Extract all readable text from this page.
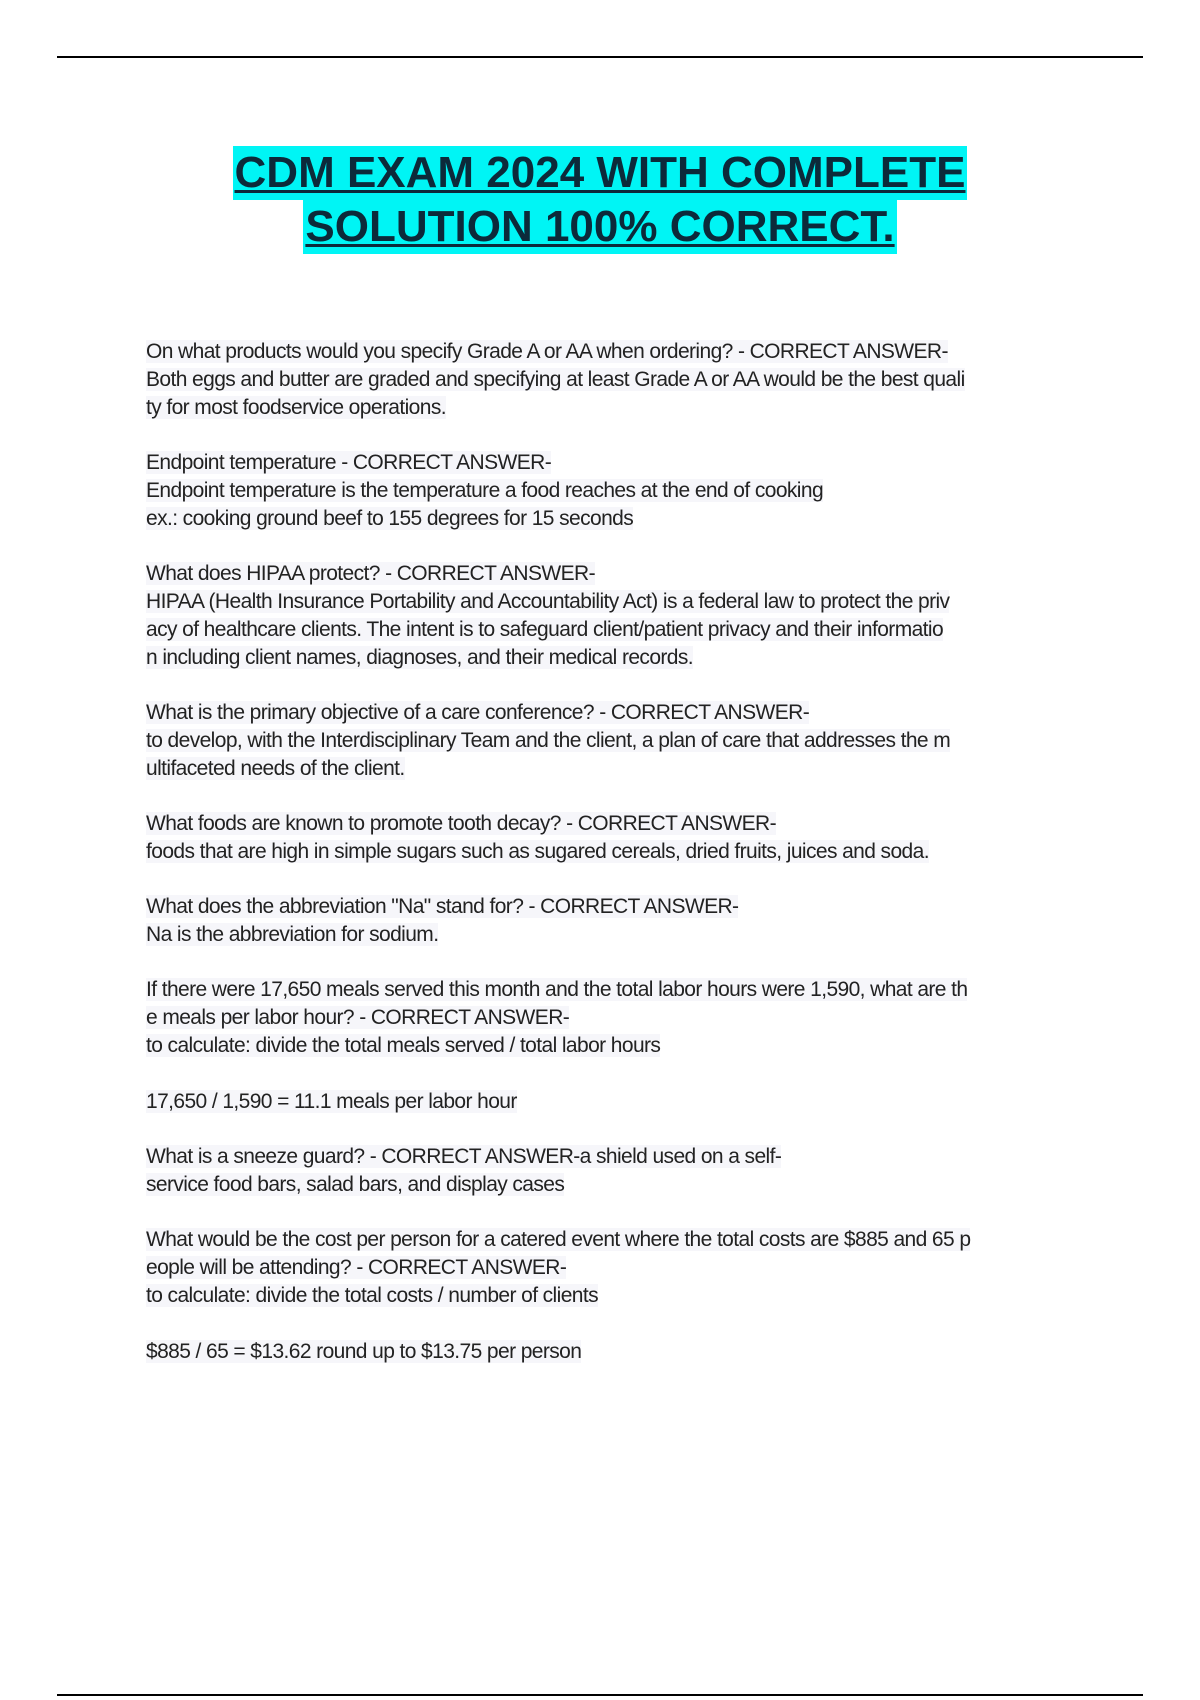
CDM EXAM 2024 WITH COMPLETE
SOLUTION 100% CORRECT.

On what products would you specify Grade A or AA when ordering? - CORRECT ANSWER-

Both eggs and butter are graded and specifying at least Grade A or AA would be the best quali

ty for most foodservice operations.

Endpoint temperature - CORRECT ANSWER-

Endpoint temperature is the temperature a food reaches at the end of cooking

ex.: cooking ground beef to 155 degrees for 15 seconds

What does HIPAA protect? - CORRECT ANSWER-

HIPAA (Health Insurance Portability and Accountability Act) is a federal law to protect the priv

acy of healthcare clients. The intent is to safeguard client/patient privacy and their informatio

n including client names, diagnoses, and their medical records.

What is the primary objective of a care conference? - CORRECT ANSWER-

to develop, with the Interdisciplinary Team and the client, a plan of care that addresses the m

ultifaceted needs of the client.

What foods are known to promote tooth decay? - CORRECT ANSWER-

foods that are high in simple sugars such as sugared cereals, dried fruits, juices and soda.

What does the abbreviation "Na" stand for? - CORRECT ANSWER-

Na is the abbreviation for sodium.

If there were 17,650 meals served this month and the total labor hours were 1,590, what are th

e meals per labor hour? - CORRECT ANSWER-

to calculate: divide the total meals served / total labor hours

17,650 / 1,590 = 11.1 meals per labor hour

What is a sneeze guard? - CORRECT ANSWER-a shield used on a self-

service food bars, salad bars, and display cases

What would be the cost per person for a catered event where the total costs are $885 and 65 p

eople will be attending? - CORRECT ANSWER-

to calculate: divide the total costs / number of clients

$885 / 65 = $13.62 round up to $13.75 per person
